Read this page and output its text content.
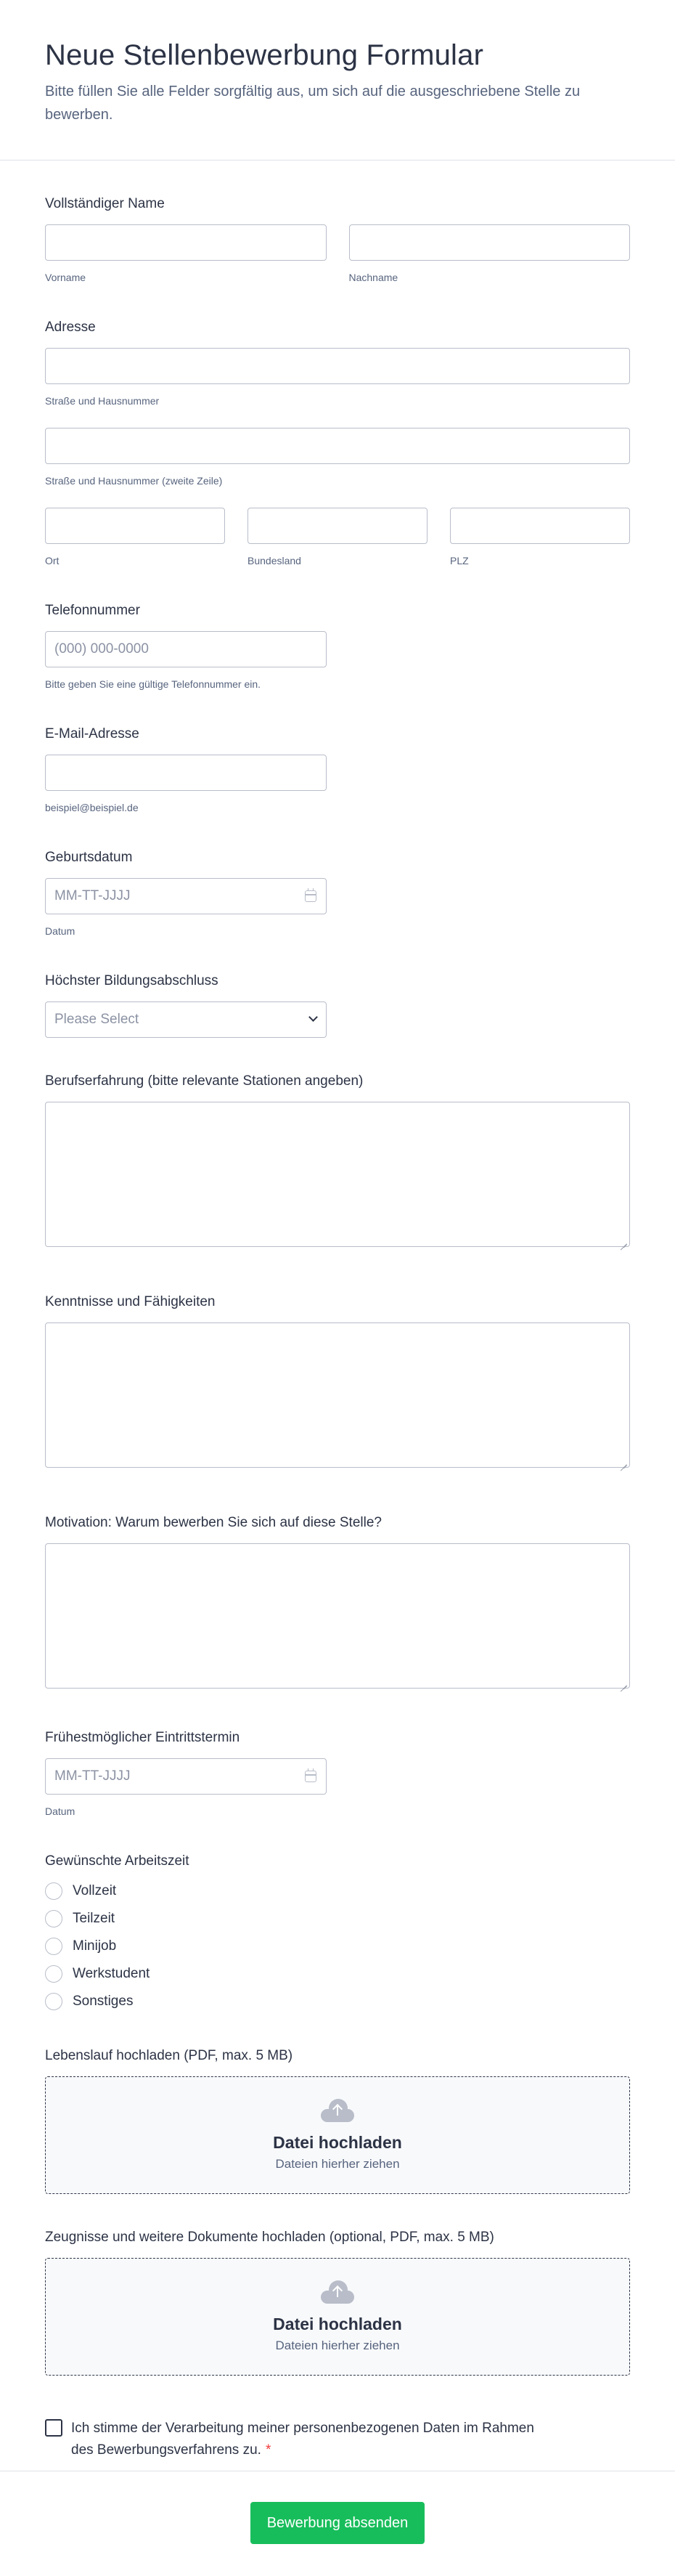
Neue Stellenbewerbung Formular

Bitte füllen Sie alle Felder sorgfältig aus, um sich auf die ausgeschriebene Stelle zu bewerben.

Vollständiger Name
Vorname	Nachname
Adresse
Straße und Hausnummer
Straße und Hausnummer (zweite Zeile)
Ort	Bundesland	PLZ
Telefonnummer
(000) 000-0000
Bitte geben Sie eine gültige Telefonnummer ein.
E-Mail-Adresse
beispiel@beispiel.de
Geburtsdatum
MM-TT-JJJJ
Datum
Höchster Bildungsabschluss
Please Select
Berufserfahrung (bitte relevante Stationen angeben)
Kenntnisse und Fähigkeiten
Motivation: Warum bewerben Sie sich auf diese Stelle?
Frühestmöglicher Eintrittstermin
MM-TT-JJJJ
Datum
Gewünschte Arbeitszeit
Vollzeit
Teilzeit
Minijob
Werkstudent
Sonstiges
Lebenslauf hochladen (PDF, max. 5 MB)
Datei hochladen
Dateien hierher ziehen
Zeugnisse und weitere Dokumente hochladen (optional, PDF, max. 5 MB)
Datei hochladen
Dateien hierher ziehen
Ich stimme der Verarbeitung meiner personenbezogenen Daten im Rahmen des Bewerbungsverfahrens zu. *
Bewerbung absenden
